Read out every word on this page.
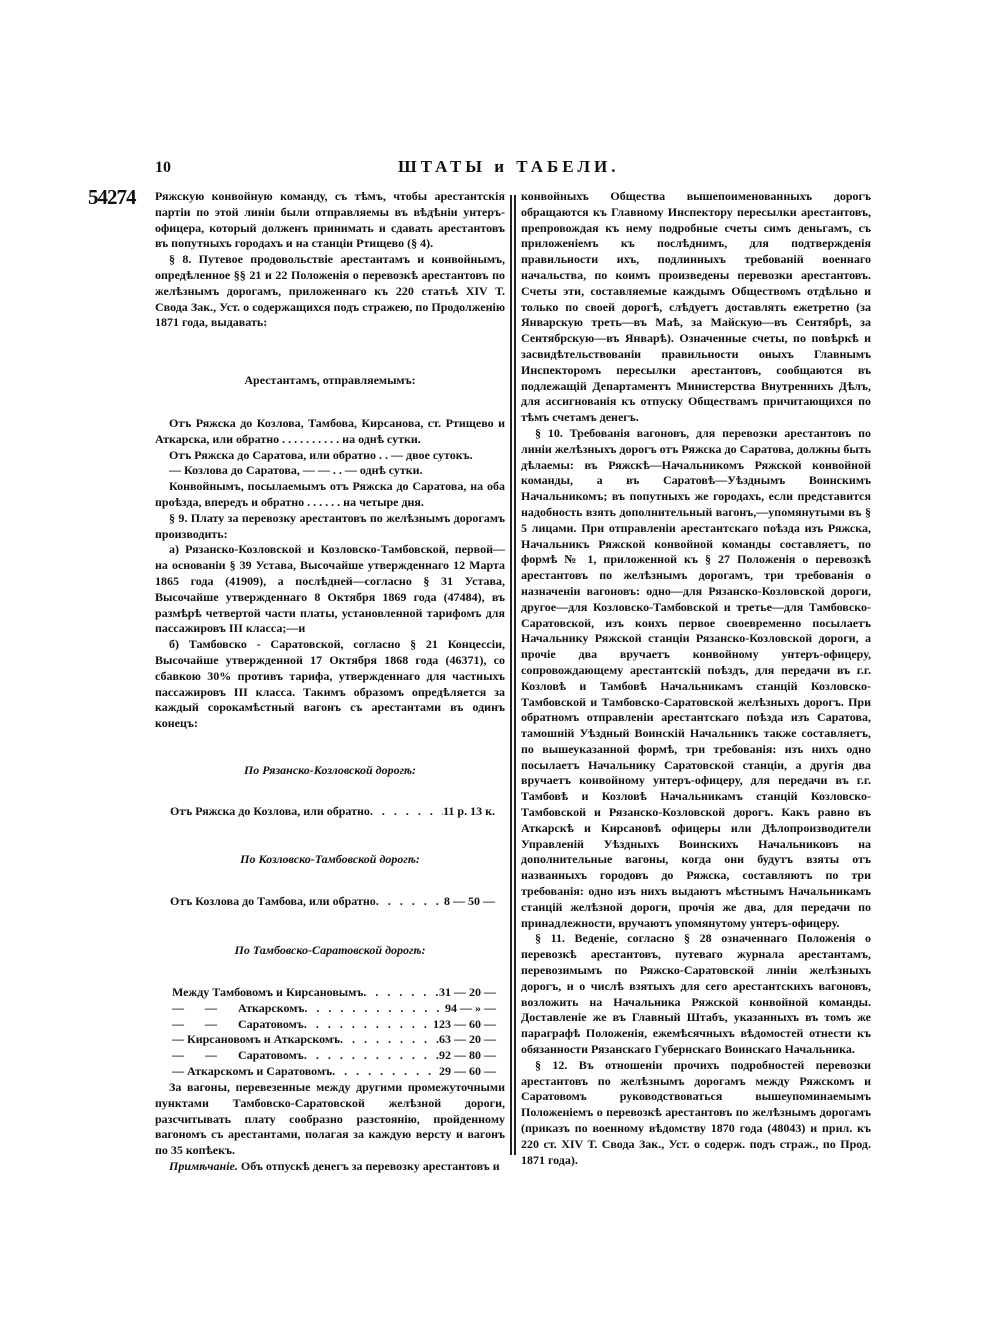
10	ШТАТЫ и ТАБЕЛИ.
54274 Ряжскую конвойную команду, съ тѣмъ, чтобы арестантскія партіи по этой линіи были отправляемы въ вѣдѣніи унтеръ-офицера, который долженъ принимать и сдавать арестантовъ въ попутныхъ городахъ и на станціи Ртищево (§ 4).

§ 8. Путевое продовольствіе арестантамъ и конвойнымъ, опредѣленное §§ 21 и 22 Положенія о перевозкѣ арестантовъ по желѣзнымъ дорогамъ, приложеннаго къ 220 статьѣ XIV Т. Свода Зак., Уст. о содержащихся подъ стражею, по Продолженію 1871 года, выдавать:

Арестантамъ, отправляемымъ:

Отъ Ряжска до Козлова, Тамбова, Кирсанова, ст. Ртищево и Аткарска, или обратно . . . . . . . . . . на однѣ сутки.

Отъ Ряжска до Саратова, или обратно . . — двое сутокъ.

— Козлова до Саратова, — — . . — однѣ сутки.

Конвойнымъ, посылаемымъ отъ Ряжска до Саратова, на оба проѣзда, впередъ и обратно . . . . . . на четыре дня.

§ 9. Плату за перевозку арестантовъ по желѣзнымъ дорогамъ производить:

а) Рязанско-Козловской и Козловско-Тамбовской, первой—на основаніи § 39 Устава, Высочайше утвержденнаго 12 Марта 1865 года (41909), а послѣдней—согласно § 31 Устава, Высочайше утвержденнаго 8 Октября 1869 года (47484), въ размѣрѣ четвертой части платы, установленной тарифомъ для пассажировъ III класса;—и

б) Тамбовско - Саратовской, согласно § 21 Концессіи, Высочайше утвержденной 17 Октября 1868 года (46371), со сбавкою 30% противъ тарифа, утвержденнаго для частныхъ пассажировъ III класса. Такимъ образомъ опредѣляется за каждый сорокамѣстный вагонъ съ арестантами въ одинъ конецъ:

По Рязанско-Козловской дорогѣ:
Отъ Ряжска до Козлова, или обратно . . .	11 р. 13 к.
По Козловско-Тамбовской дорогѣ:
Отъ Козлова до Тамбова, или обратно . . .	8 — 50 —
По Тамбовско-Саратовской дорогѣ:
Между Тамбовомъ и Кирсановымъ . . .	31 — 20 —
—       —       Аткарскомъ . . .	94 — » —
—       —       Саратовомъ . . .	123 — 60 —
— Кирсановомъ и Аткарскомъ . . .	63 — 20 —
—       —       Саратовомъ . . .	92 — 80 —
— Аткарскомъ и Саратовомъ . . .	29 — 60 —

За вагоны, перевезенные между другими промежуточными пунктами Тамбовско-Саратовской желѣзной дороги, разсчитывать плату сообразно разстоянію, пройденному вагономъ съ арестантами, полагая за каждую версту и вагонъ по 35 копѣекъ.

Примѣчаніе. Объ отпускѣ денегъ за перевозку арестантовъ и

конвойныхъ Общества вышепоименованныхъ дорогъ обращаются къ Главному Инспектору пересылки арестантовъ, препровождая къ нему подробные счеты симъ деньгамъ, съ приложеніемъ къ послѣднимъ, для подтвержденія правильности ихъ, подлинныхъ требованій военнаго начальства, по коимъ произведены перевозки арестантовъ. Счеты эти, составляемые каждымъ Обществомъ отдѣльно и только по своей дорогѣ, слѣдуетъ доставлять ежетретно (за Январскую треть—въ Маѣ, за Майскую—въ Сентябрѣ, за Сентябрскую—въ Январѣ). Означенные счеты, по повѣркѣ и засвидѣтельствованіи правильности оныхъ Главнымъ Инспекторомъ пересылки арестантовъ, сообщаются въ подлежащій Департаментъ Министерства Внутреннихъ Дѣлъ, для ассигнованія къ отпуску Обществамъ причитающихся по тѣмъ счетамъ денегъ.

§ 10. Требованія вагоновъ, для перевозки арестантовъ по линіи желѣзныхъ дорогъ отъ Ряжска до Саратова, должны быть дѣлаемы: въ Ряжскѣ—Начальникомъ Ряжской конвойной команды, а въ Саратовѣ—Уѣзднымъ Воинскимъ Начальникомъ; въ попутныхъ же городахъ, если представится надобность взять дополнительный вагонъ,—упомянутыми въ § 5 лицами. При отправленіи арестантскаго поѣзда изъ Ряжска, Начальникъ Ряжской конвойной команды составляетъ, по формѣ № 1, приложенной къ § 27 Положенія о перевозкѣ арестантовъ по желѣзнымъ дорогамъ, три требованія о назначеніи вагоновъ: одно—для Рязанско-Козловской дороги, другое—для Козловско-Тамбовской и третье—для Тамбовско-Саратовской, изъ коихъ первое своевременно посылаетъ Начальнику Ряжской станціи Рязанско-Козловской дороги, а прочіе два вручаетъ конвойному унтеръ-офицеру, сопровождающему арестантскій поѣздъ, для передачи въ г.г. Козловѣ и Тамбовѣ Начальникамъ станцій Козловско-Тамбовской и Тамбовско-Саратовской желѣзныхъ дорогъ. При обратномъ отправленіи арестантскаго поѣзда изъ Саратова, тамошній Уѣздный Воинскій Начальникъ также составляетъ, по вышеуказанной формѣ, три требованія: изъ нихъ одно посылаетъ Начальнику Саратовской станціи, а другія два вручаетъ конвойному унтеръ-офицеру, для передачи въ г.г. Тамбовѣ и Козловѣ Начальникамъ станцій Козловско-Тамбовской и Рязанско-Козловской дорогъ. Какъ равно въ Аткарскѣ и Кирсановѣ офицеры или Дѣлопроизводители Управленій Уѣздныхъ Воинскихъ Начальниковъ на дополнительные вагоны, когда они будутъ взяты отъ названныхъ городовъ до Ряжска, составляютъ по три требованія: одно изъ нихъ выдаютъ мѣстнымъ Начальникамъ станцій желѣзной дороги, прочія же два, для передачи по принадлежности, вручаютъ упомянутому унтеръ-офицеру.

§ 11. Веденіе, согласно § 28 означеннаго Положенія о перевозкѣ арестантовъ, путеваго журнала арестантамъ, перевозимымъ по Ряжско-Саратовской линіи желѣзныхъ дорогъ, и о числѣ взятыхъ для сего арестантскихъ вагоновъ, возложить на Начальника Ряжской конвойной команды. Доставленіе же въ Главный Штабъ, указанныхъ въ томъ же параграфѣ Положенія, ежемѣсячныхъ вѣдомостей отнести къ обязанности Рязанскаго Губернскаго Воинскаго Начальника.

§ 12. Въ отношеніи прочихъ подробностей перевозки арестантовъ по желѣзнымъ дорогамъ между Ряжскомъ и Саратовомъ руководствоваться вышеупоминаемымъ Положеніемъ о перевозкѣ арестантовъ по желѣзнымъ дорогамъ (приказъ по военному вѣдомству 1870 года (48043) и прил. къ 220 ст. XIV Т. Свода Зак., Уст. о содерж. подъ страж., по Прод. 1871 года).
